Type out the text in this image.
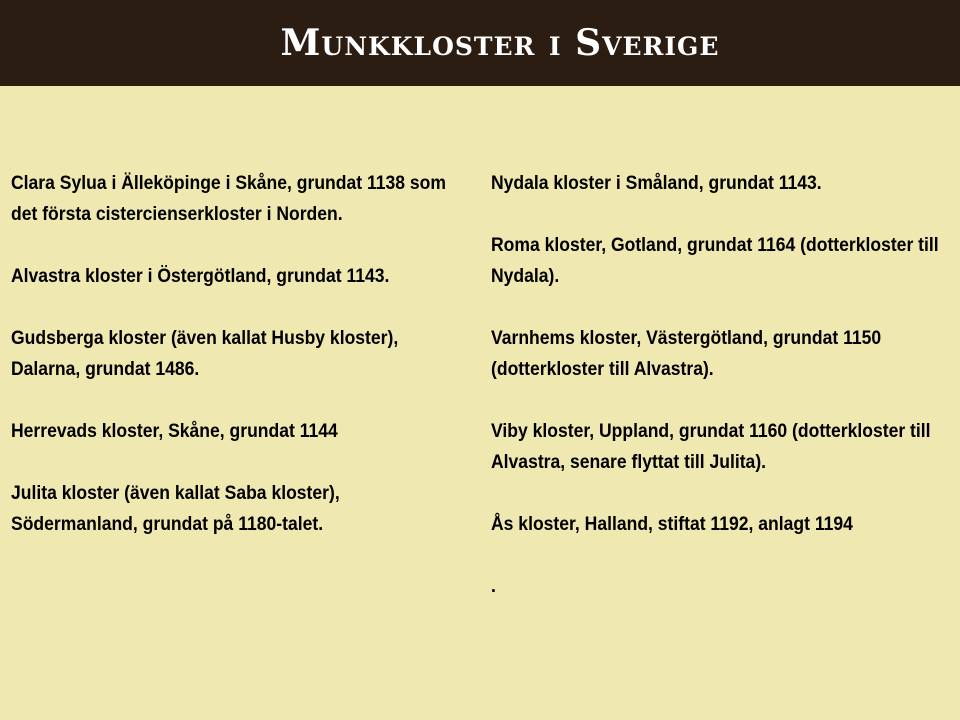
Munkkloster i Sverige

Clara Sylua i Älleköpinge i Skåne, grundat 1138 som det första cistercienserkloster i Norden.

Alvastra kloster i Östergötland, grundat 1143.

Gudsberga kloster (även kallat Husby kloster), Dalarna, grundat 1486.

Herrevads kloster, Skåne, grundat 1144

Julita kloster (även kallat Saba kloster), Södermanland, grundat på 1180-talet.

Nydala kloster i Småland, grundat 1143.

Roma kloster, Gotland, grundat 1164 (dotterkloster till Nydala).

Varnhems kloster, Västergötland, grundat 1150 (dotterkloster till Alvastra).

Viby kloster, Uppland, grundat 1160 (dotterkloster till Alvastra, senare flyttat till Julita).

Ås kloster, Halland, stiftat 1192, anlagt 1194

.
